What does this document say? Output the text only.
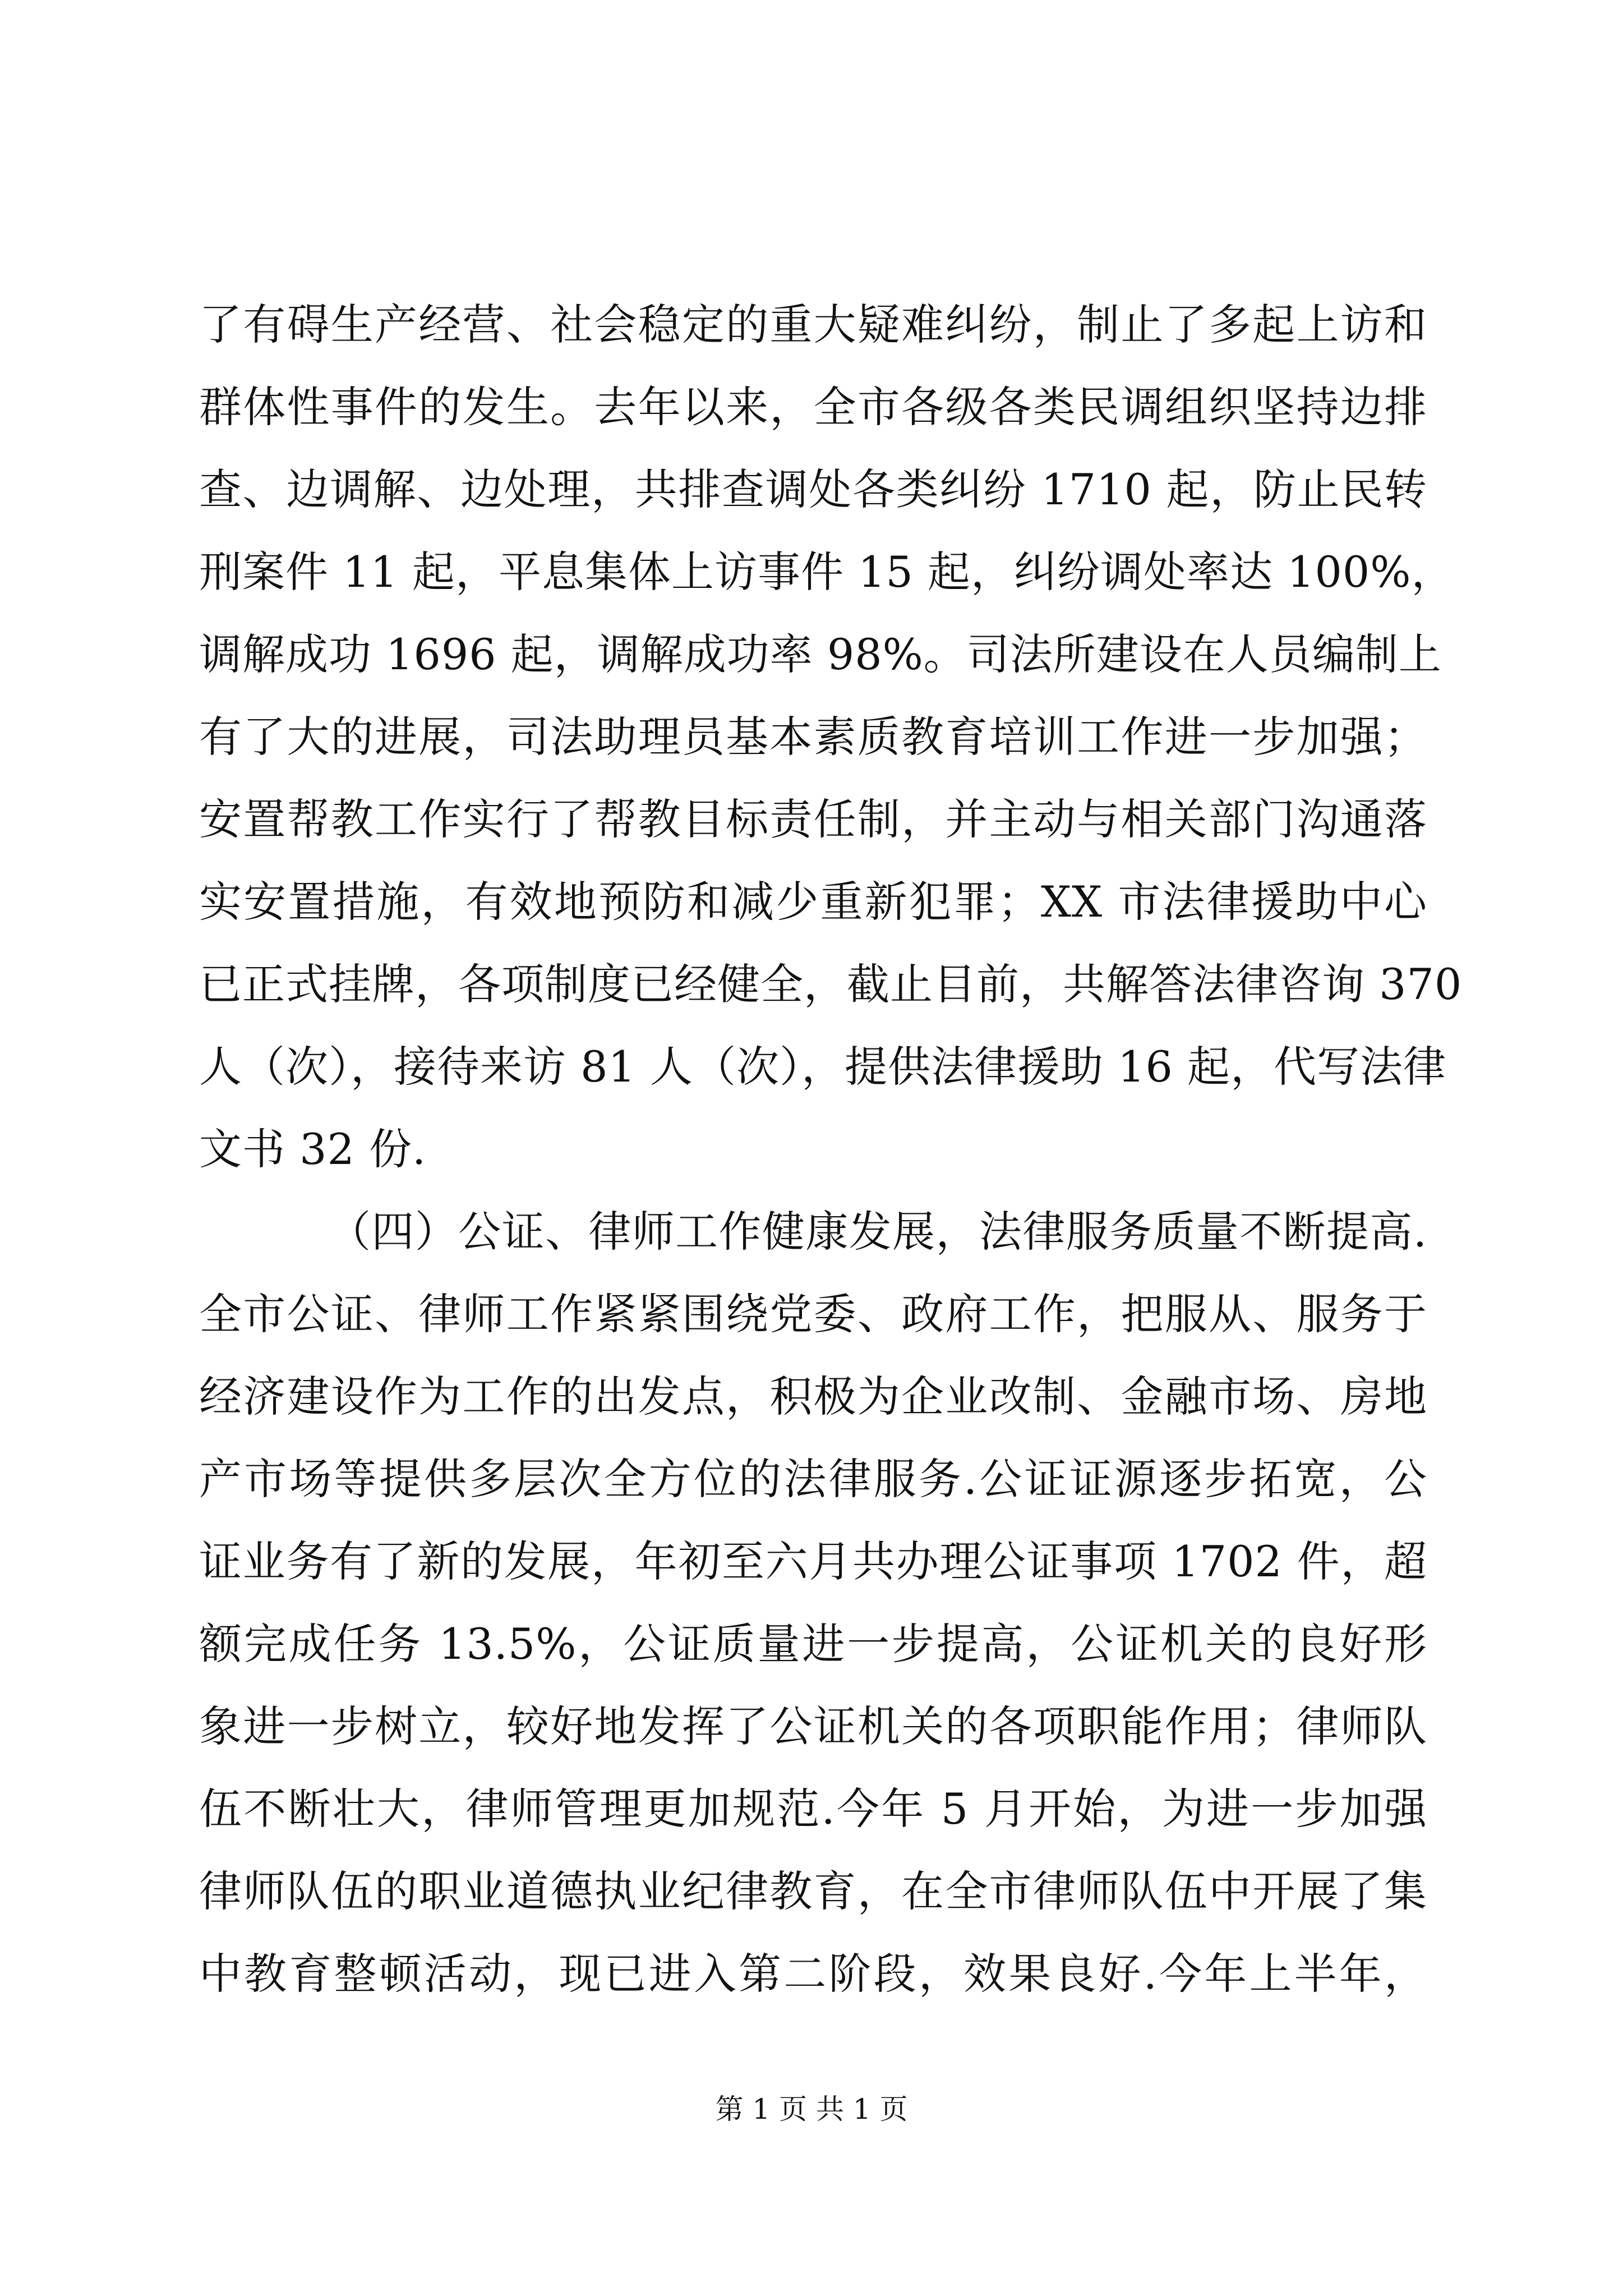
了有碍生产经营、社会稳定的重大疑难纠纷，制止了多起上访和
群体性事件的发生。去年以来，全市各级各类民调组织坚持边排
查、边调解、边处理，共排查调处各类纠纷 1710 起，防止民转
刑案件 11 起，平息集体上访事件 15 起，纠纷调处率达 100%，
调解成功 1696 起，调解成功率 98%。司法所建设在人员编制上
有了大的进展，司法助理员基本素质教育培训工作进一步加强；
安置帮教工作实行了帮教目标责任制，并主动与相关部门沟通落
实安置措施，有效地预防和减少重新犯罪；XX 市法律援助中心
已正式挂牌，各项制度已经健全，截止目前，共解答法律咨询 370
人（次），接待来访 81 人（次），提供法律援助 16 起，代写法律
文书 32 份.
（四）公证、律师工作健康发展，法律服务质量不断提高.
全市公证、律师工作紧紧围绕党委、政府工作，把服从、服务于
经济建设作为工作的出发点，积极为企业改制、金融市场、房地
产市场等提供多层次全方位的法律服务.公证证源逐步拓宽，公
证业务有了新的发展，年初至六月共办理公证事项 1702 件，超
额完成任务 13.5%，公证质量进一步提高，公证机关的良好形
象进一步树立，较好地发挥了公证机关的各项职能作用；律师队
伍不断壮大，律师管理更加规范.今年 5 月开始，为进一步加强
律师队伍的职业道德执业纪律教育，在全市律师队伍中开展了集
中教育整顿活动，现已进入第二阶段，效果良好.今年上半年，
第 1 页 共 1 页
